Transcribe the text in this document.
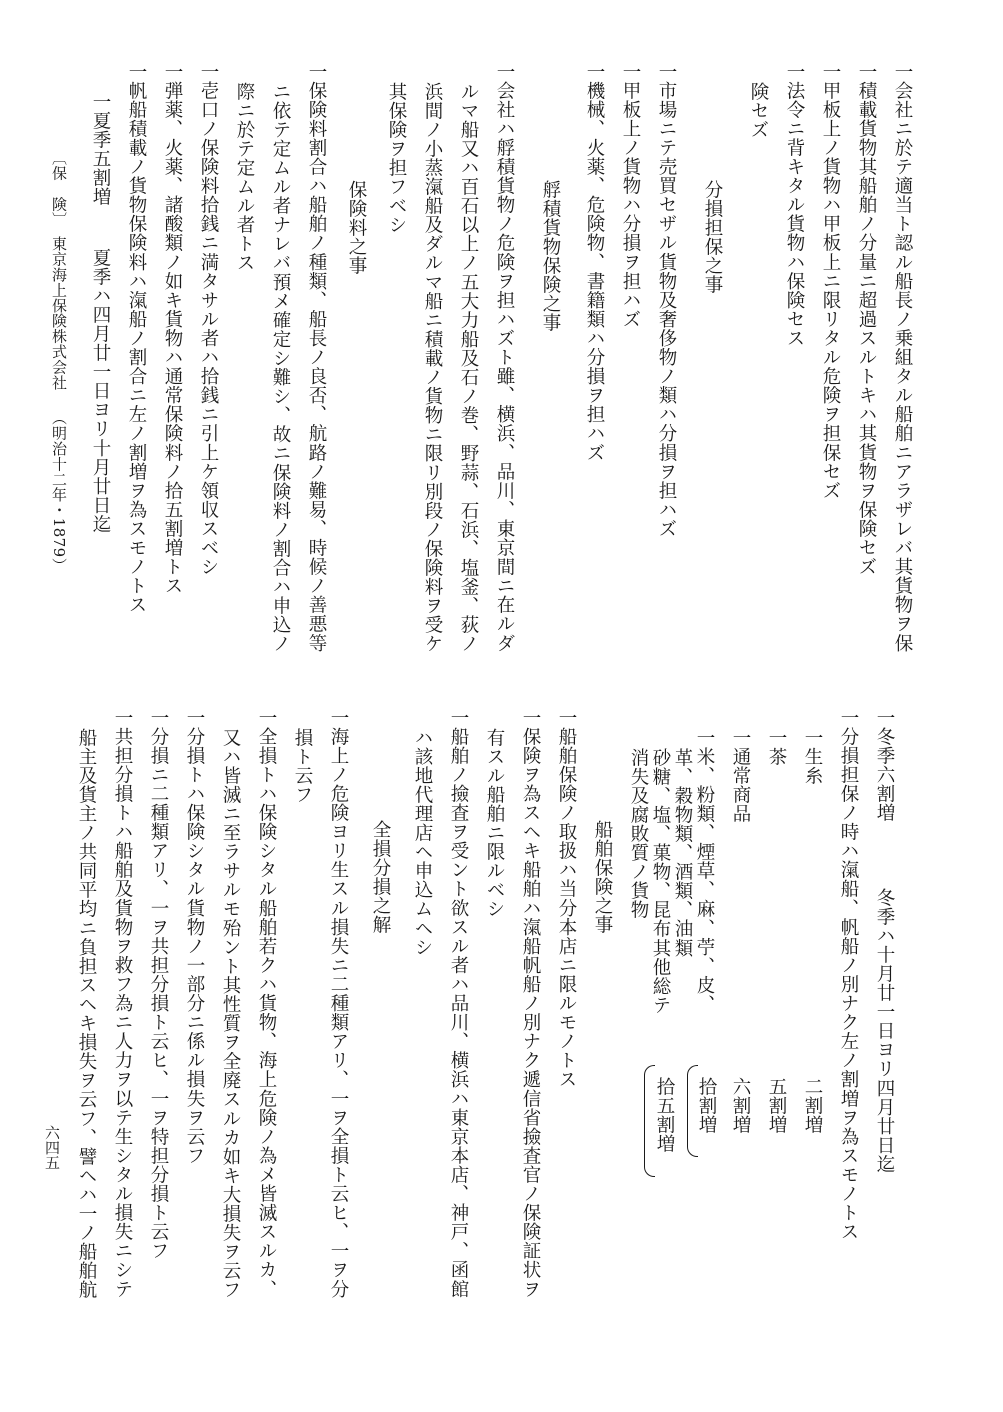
一法令ニ背キタル貨物ハ保険セス 一甲板上ノ貨物ハ甲板上ニ限リタル危険ヲ担保セズ 一積載貨物其船舶ノ分量ニ超過スルトキハ其貨物ヲ保険セズ 一会社ニ於テ適当ト認ル船長ノ乗組タル船舶ニアラザレバ其貨物ヲ保
険セズ
分損担保之事
一市場ニテ売買セザル貨物及奢侈物ノ類ハ分損ヲ担ハズ
一甲板上ノ貨物ハ分損ヲ担ハズ
一機械、火薬、危険物、書籍類ハ分損ヲ担ハズ
艀積貨物保険之事
一会社ハ艀積貨物ノ危険ヲ担ハズト雖、横浜、品川、東京間ニ在ルダ
ルマ船又ハ百石以上ノ五大力船及石ノ巻、野蒜、石浜、塩釜、荻ノ
浜間ノ小蒸滊船及ダルマ船ニ積載ノ貨物ニ限リ別段ノ保険料ヲ受ケ
其保険ヲ担フベシ
保険料之事
一保険料割合ハ船舶ノ種類、船長ノ良否、航路ノ難易、時候ノ善悪等
ニ依テ定ムル者ナレバ預メ確定シ難シ、故ニ保険料ノ割合ハ申込ノ
際ニ於テ定ムル者トス
一壱口ノ保険料拾銭ニ満タサル者ハ拾銭ニ引上ケ領収スベシ
一弾薬、火薬、諸酸類ノ如キ貨物ハ通常保険料ノ拾五割増トス
一帆船積載ノ貨物保険料ハ滊船ノ割合ニ左ノ割増ヲ為スモノトス
一夏季五割増
夏季ハ四月廿一日ヨリ十月廿日迄
〔保　険〕
東京海上保険株式会社
（明治十二年・1879）
一冬季六割増
冬季ハ十月廿一日ヨリ四月廿日迄
一分損担保ノ時ハ滊船、帆船ノ別ナク左ノ割増ヲ為スモノトス
一生糸
二割増
一茶
五割増
一通常商品
六割増
一米、粉類、煙草、麻、苧、皮、
革、穀物類、酒類、油類
砂糖、塩、菓物、昆布其他総テ
消失及腐敗質ノ貨物
拾割増
拾五割増
船舶保険之事
一船舶保険ノ取扱ハ当分本店ニ限ルモノトス
一保険ヲ為スヘキ船舶ハ滊船帆船ノ別ナク遞信省撿査官ノ保険証状ヲ
有スル船舶ニ限ルベシ
一船舶ノ撿査ヲ受ント欲スル者ハ品川、横浜ハ東京本店、神戸、函館
ハ該地代理店ヘ申込ムヘシ
全損分損之解
一海上ノ危険ヨリ生スル損失ニ二種類アリ、一ヲ全損ト云ヒ、一ヲ分
損ト云フ
一全損トハ保険シタル船舶若クハ貨物、海上危険ノ為メ皆滅スルカ、
又ハ皆滅ニ至ラサルモ殆ント其性質ヲ全廃スルカ如キ大損失ヲ云フ
一分損トハ保険シタル貨物ノ一部分ニ係ル損失ヲ云フ
一分損ニ二種類アリ、一ヲ共担分損ト云ヒ、一ヲ特担分損ト云フ
一共担分損トハ船舶及貨物ヲ救フ為ニ人力ヲ以テ生シタル損失ニシテ
船主及貨主ノ共同平均ニ負担スヘキ損失ヲ云フ、譬ヘハ一ノ船舶航
六四五
